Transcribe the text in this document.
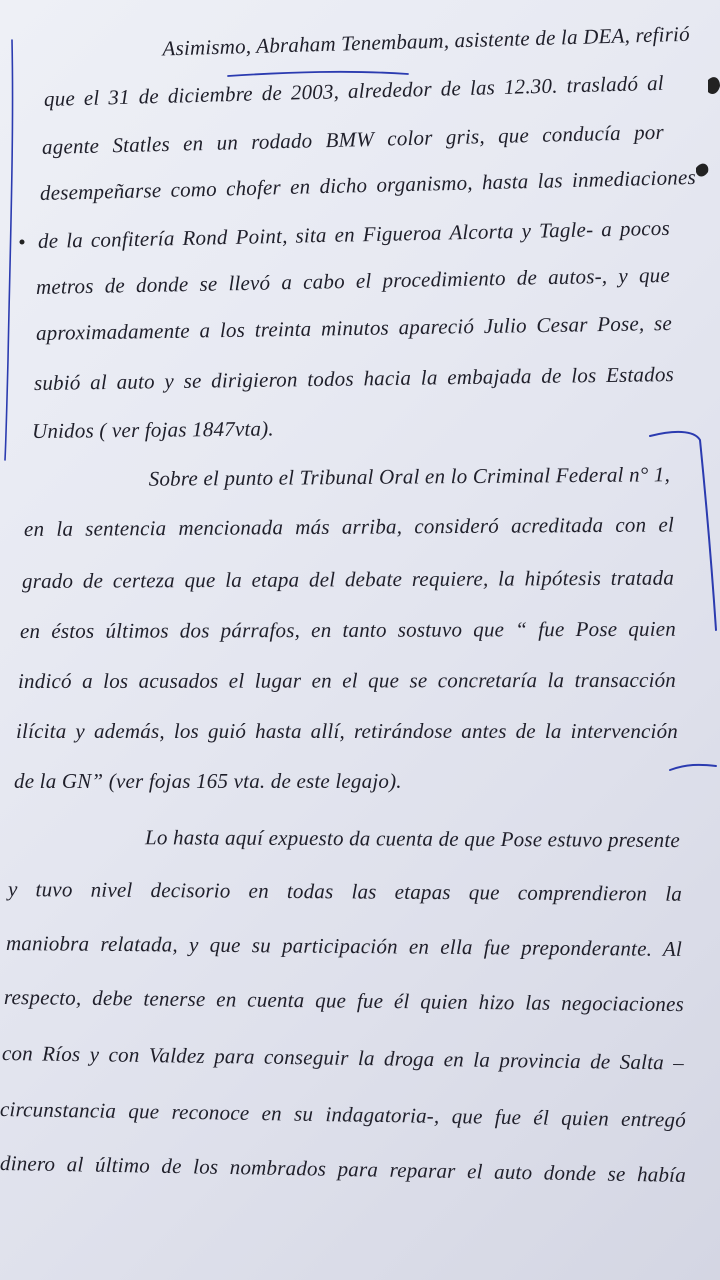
Asimismo, Abraham Tenembaum, asistente de la DEA, refirió
que el 31 de diciembre de 2003, alrededor de las 12.30. trasladó al
agente Statles en un rodado BMW color gris, que conducía por
desempeñarse como chofer en dicho organismo, hasta las inmediaciones
de la confitería Rond Point, sita en Figueroa Alcorta y Tagle- a pocos
metros de donde se llevó a cabo el procedimiento de autos-, y que
aproximadamente a los treinta minutos apareció Julio Cesar Pose, se
subió al auto y se dirigieron todos hacia la embajada de los Estados
Unidos ( ver fojas 1847vta).
Sobre el punto el Tribunal Oral en lo Criminal Federal n° 1,
en la sentencia mencionada más arriba, consideró acreditada con el
grado de certeza que la etapa del debate requiere, la hipótesis tratada
en éstos últimos dos párrafos, en tanto sostuvo que “ fue Pose quien
indicó a los acusados el lugar en el que se concretaría la transacción
ilícita y además, los guió hasta allí, retirándose antes de la intervención
de la GN” (ver fojas 165 vta. de este legajo).
Lo hasta aquí expuesto da cuenta de que Pose estuvo presente
y tuvo nivel decisorio en todas las etapas que comprendieron la
maniobra relatada, y que su participación en ella fue preponderante. Al
respecto, debe tenerse en cuenta que fue él quien hizo las negociaciones
con Ríos y con Valdez para conseguir la droga en la provincia de Salta –
circunstancia que reconoce en su indagatoria-, que fue él quien entregó
dinero al último de los nombrados para reparar el auto donde se había
